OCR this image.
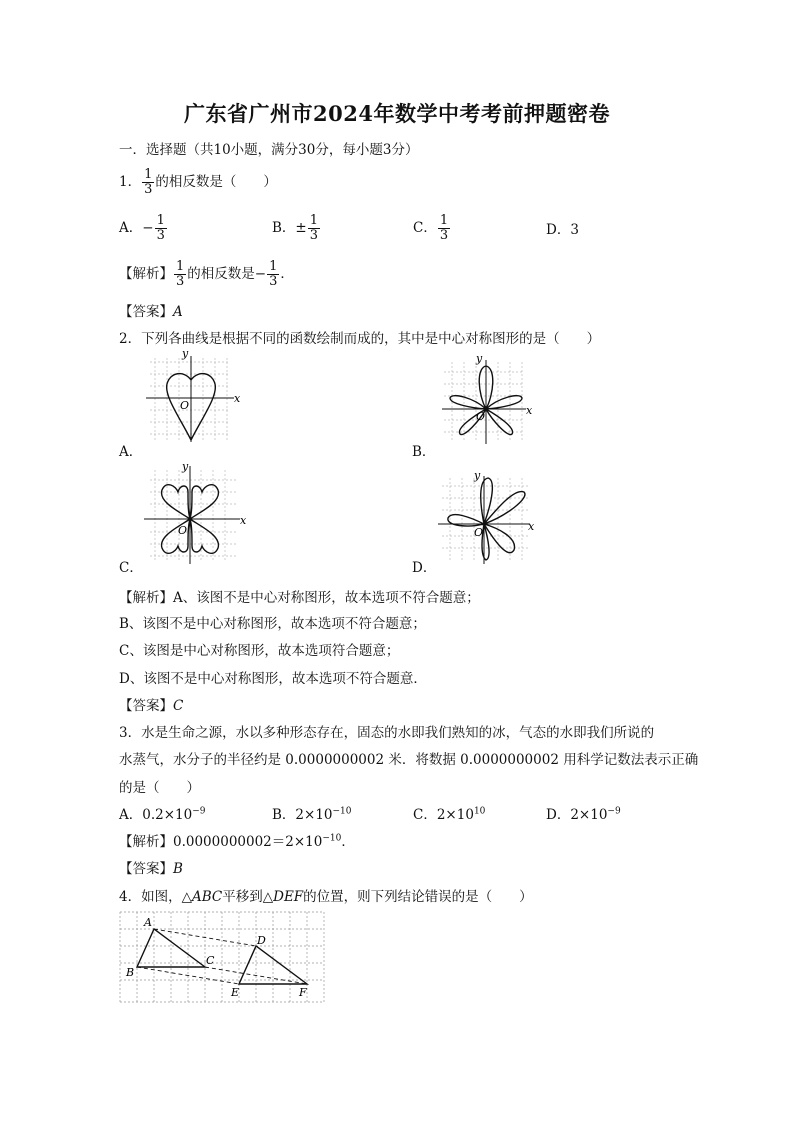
广东省广州市2024年数学中考考前押题密卷
一．选择题（共10小题，满分30分，每小题3分）
1． $\frac{1}{3}$ 的相反数是（　　）
A．− $\frac{1}{3}$	B．± $\frac{1}{3}$	C． $\frac{1}{3}$	D．3
【解析】 $\frac{1}{3}$ 的相反数是− $\frac{1}{3}$ ．
【答案】A
2．下列各曲线是根据不同的函数绘制而成的，其中是中心对称图形的是（　　）
x
y
O
A．
x
y
O
B．
x
y
O
C．
x
y
O
D．
【解析】A、该图不是中心对称图形，故本选项不符合题意；
B、该图不是中心对称图形，故本选项不符合题意；
C、该图是中心对称图形，故本选项符合题意；
D、该图不是中心对称图形，故本选项不符合题意．
【答案】C
3．水是生命之源，水以多种形态存在，固态的水即我们熟知的冰，气态的水即我们所说的
水蒸气，水分子的半径约是 0.0000000002 米．将数据 0.0000000002 用科学记数法表示正确
的是（　　）
A．$0.2\times 10^{-9}$	B．$2\times 10^{-10}$	C．$2\times 10^{10}$	D．$2\times 10^{-9}$
【解析】$0.0000000002=2\times 10^{-10}$．
【答案】B
4．如图，△ABC平移到△DEF的位置，则下列结论错误的是（　　）
A
B
C
D
E	F
